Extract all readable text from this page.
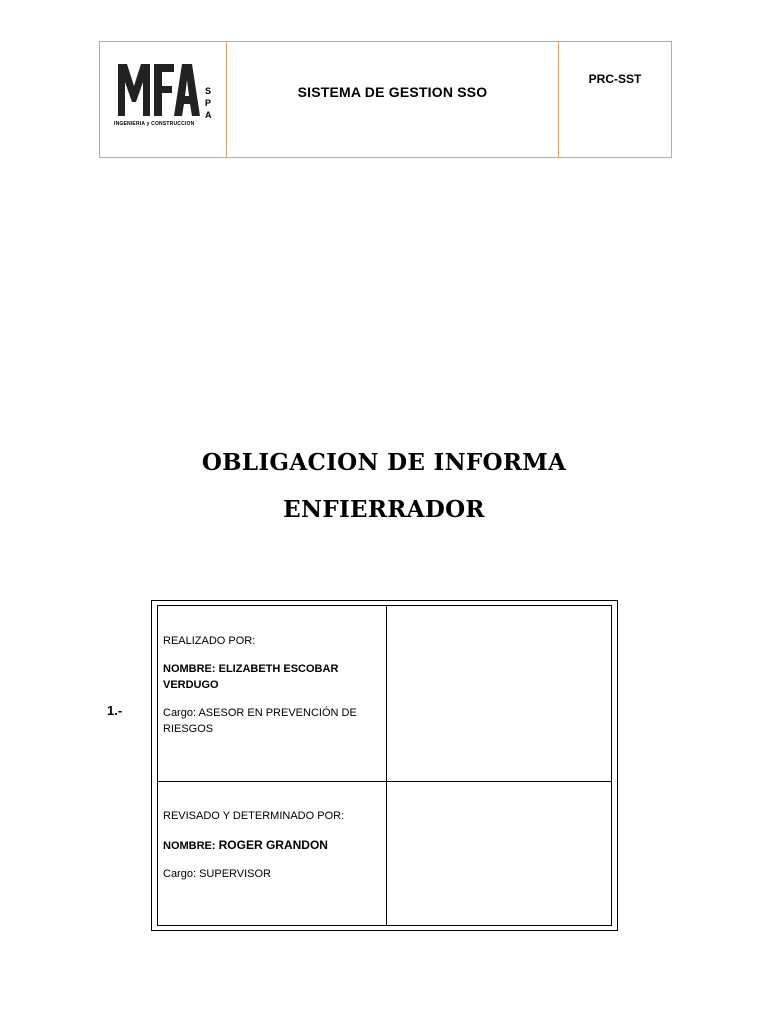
S
P
A
INGENIERIA y CONSTRUCCION
SISTEMA DE GESTION SSO
PRC-SST
OBLIGACION DE INFORMA
ENFIERRADOR
1.-
REALIZADO POR:
NOMBRE: ELIZABETH ESCOBAR
VERDUGO
Cargo: ASESOR EN PREVENCIÓN DE
RIESGOS
REVISADO Y DETERMINADO POR:
NOMBRE: ROGER GRANDON
Cargo: SUPERVISOR
